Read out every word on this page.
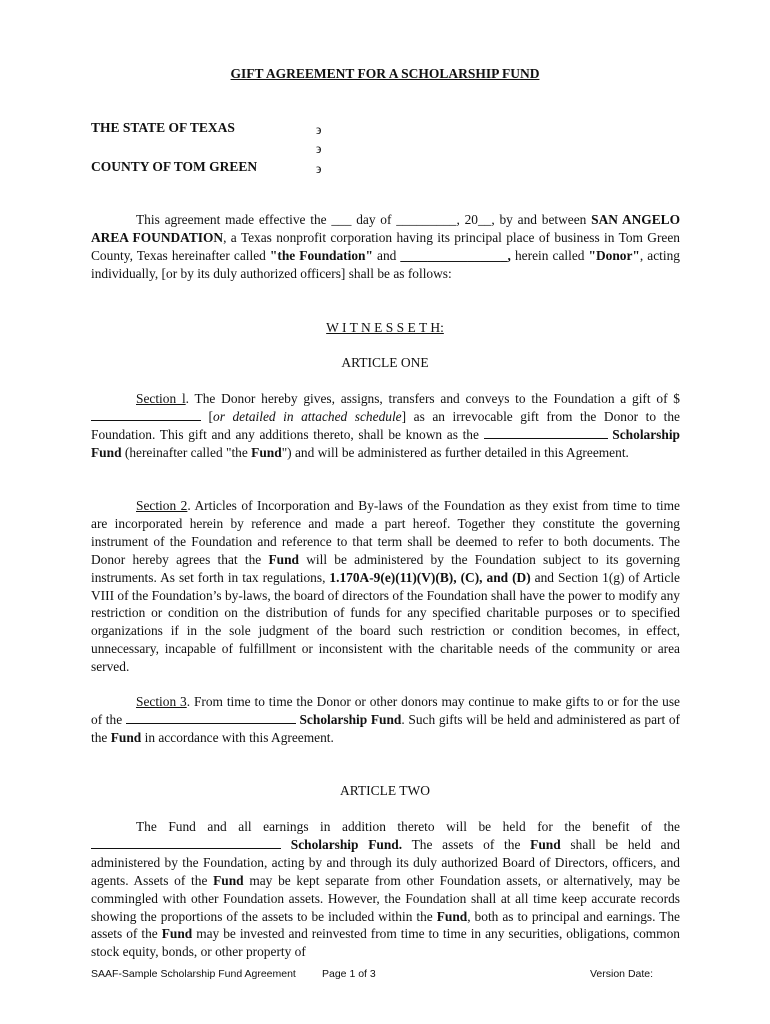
GIFT AGREEMENT FOR A SCHOLARSHIP FUND
THE STATE OF TEXAS	϶
϶
COUNTY OF TOM GREEN	϶

This agreement made effective the ___ day of _________, 20__, by and between SAN ANGELO AREA FOUNDATION, a Texas nonprofit corporation having its principal place of business in Tom Green County, Texas hereinafter called "the Foundation" and ________________, herein called "Donor", acting individually, [or by its duly authorized officers] shall be as follows:

W I T N E S S E T H:
ARTICLE ONE

Section l. The Donor hereby gives, assigns, transfers and conveys to the Foundation a gift of $ [or detailed in attached schedule] as an irrevocable gift from the Donor to the Foundation. This gift and any additions thereto, shall be known as the	Scholarship Fund (hereinafter called "the Fund") and will be administered as further detailed in this Agreement.

Section 2. Articles of Incorporation and By-laws of the Foundation as they exist from time to time are incorporated herein by reference and made a part hereof. Together they constitute the governing instrument of the Foundation and reference to that term shall be deemed to refer to both documents. The Donor hereby agrees that the Fund will be administered by the Foundation subject to its governing instruments. As set forth in tax regulations, 1.170A-9(e)(11)(V)(B), (C), and (D) and Section 1(g) of Article VIII of the Foundation’s by-laws, the board of directors of the Foundation shall have the power to modify any restriction or condition on the distribution of funds for any specified charitable purposes or to specified organizations if in the sole judgment of the board such restriction or condition becomes, in effect, unnecessary, incapable of fulfillment or inconsistent with the charitable needs of the community or area served.

Section 3. From time to time the Donor or other donors may continue to make gifts to or for the use of the	Scholarship Fund. Such gifts will be held and administered as part of the Fund in accordance with this Agreement.

ARTICLE TWO

The Fund and all earnings in addition thereto will be held for the benefit of the  Scholarship Fund. The assets of the Fund shall be held and administered by the Foundation, acting by and through its duly authorized Board of Directors, officers, and agents. Assets of the Fund may be kept separate from other Foundation assets, or alternatively, may be commingled with other Foundation assets. However, the Foundation shall at all time keep accurate records showing the proportions of the assets to be included within the Fund, both as to principal and earnings. The assets of the Fund may be invested and reinvested from time to time in any securities, obligations, common stock equity, bonds, or other property of

SAAF-Sample Scholarship Fund Agreement Page 1 of 3	Version Date:
